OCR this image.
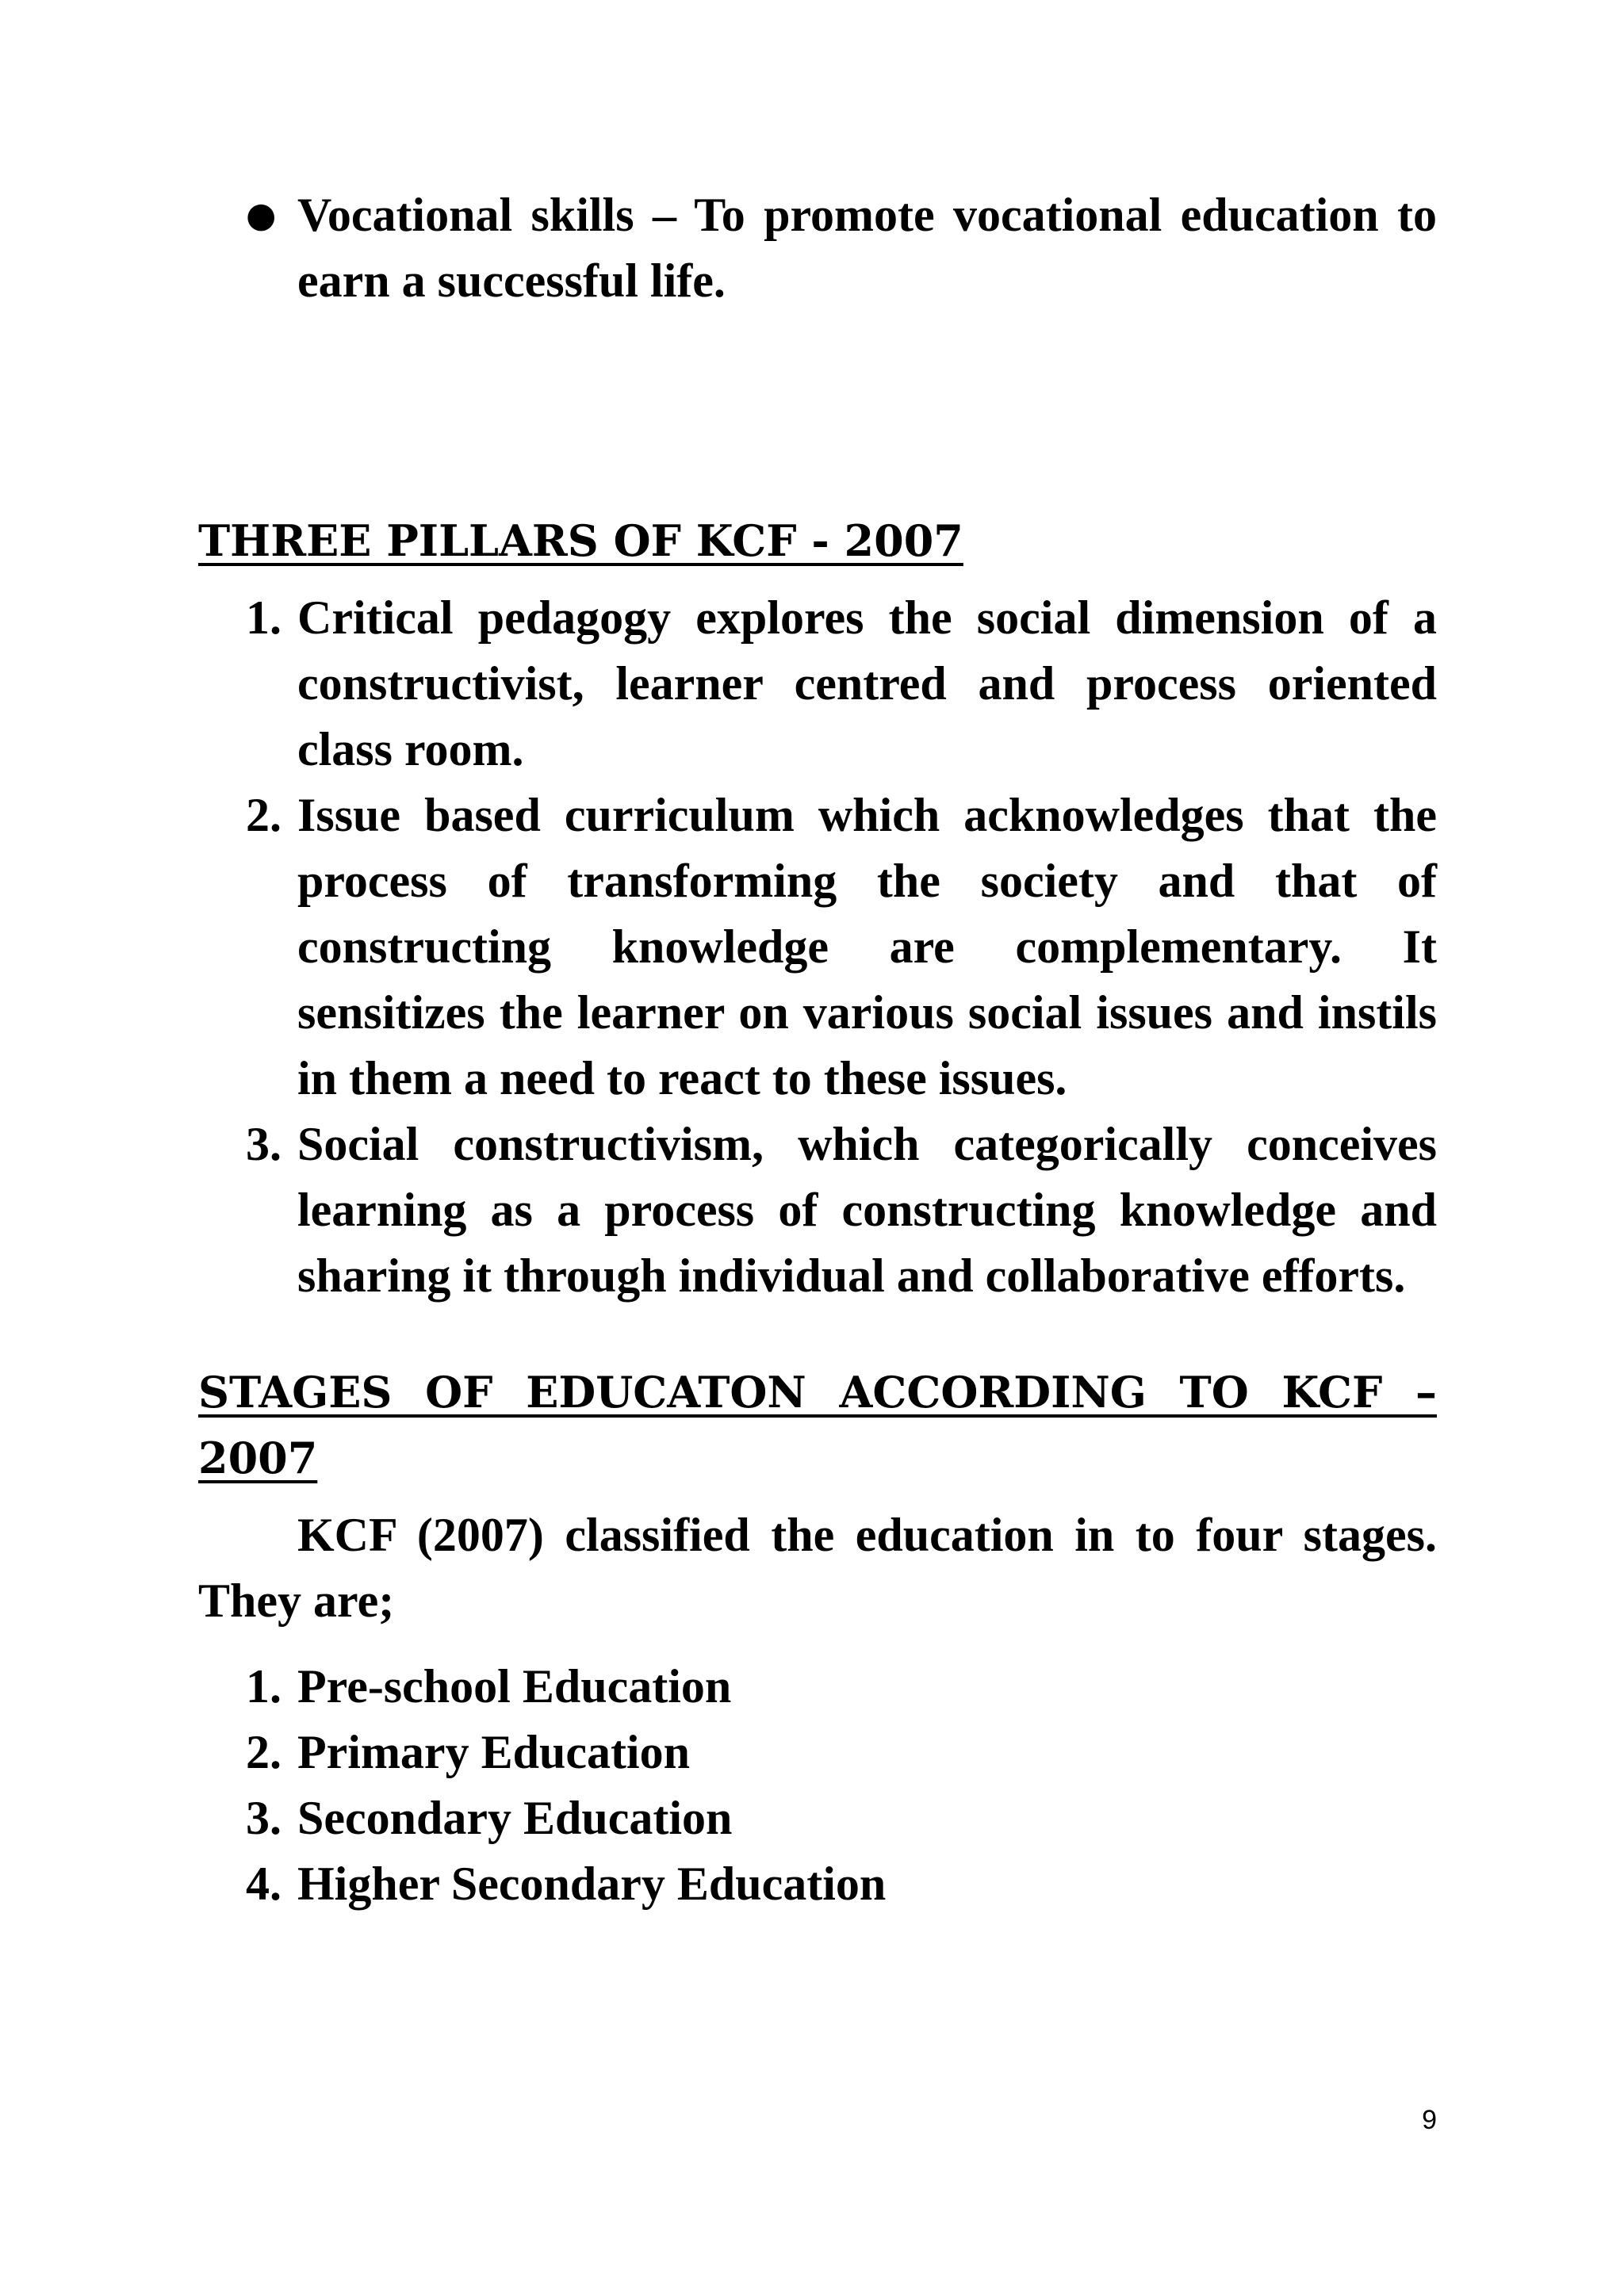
● Vocational skills – To promote vocational education to earn a successful life.
THREE PILLARS OF KCF - 2007
1. Critical pedagogy explores the social dimension of a constructivist, learner centred and process oriented class room.
2. Issue based curriculum which acknowledges that the process of transforming the society and that of constructing knowledge are complementary. It sensitizes the learner on various social issues and instils in them a need to react to these issues.
3. Social constructivism, which categorically conceives learning as a process of constructing knowledge and sharing it through individual and collaborative efforts.
STAGES OF EDUCATON ACCORDING TO KCF – 2007

KCF (2007) classified the education in to four stages. They are;

1. Pre-school Education
2. Primary Education
3. Secondary Education
4. Higher Secondary Education
9
